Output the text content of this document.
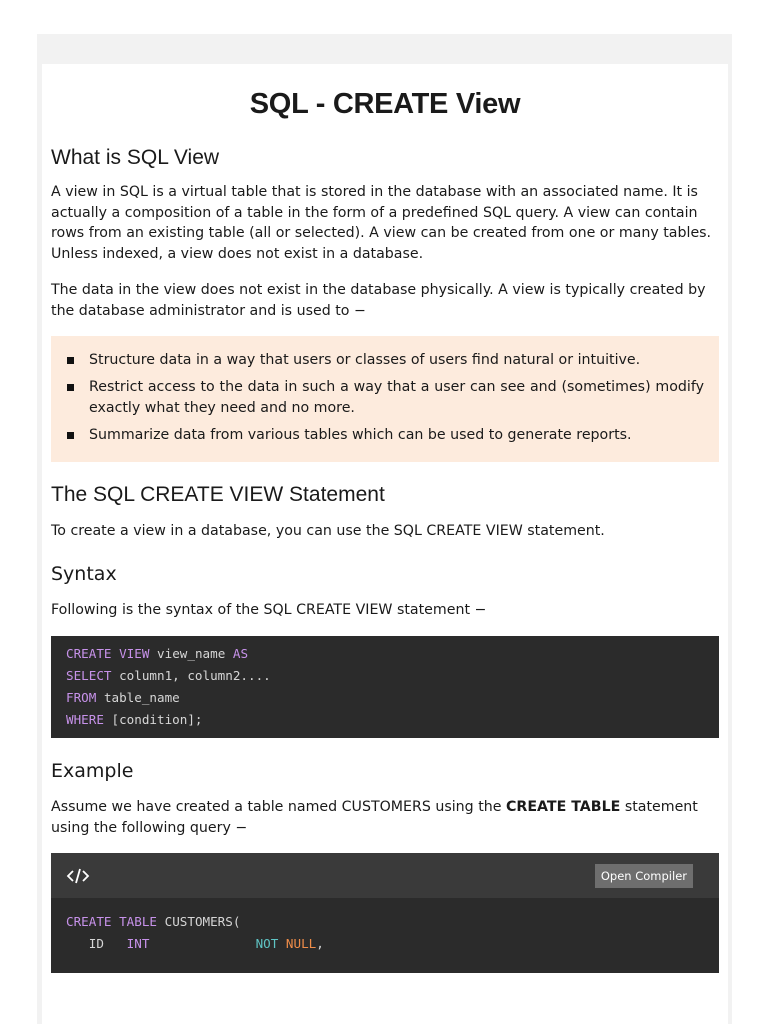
SQL - CREATE View
What is SQL View

A view in SQL is a virtual table that is stored in the database with an associated name. It is actually a composition of a table in the form of a predefined SQL query. A view can contain rows from an existing table (all or selected). A view can be created from one or many tables. Unless indexed, a view does not exist in a database.

The data in the view does not exist in the database physically. A view is typically created by the database administrator and is used to −

Structure data in a way that users or classes of users find natural or intuitive.
Restrict access to the data in such a way that a user can see and (sometimes) modify exactly what they need and no more.
Summarize data from various tables which can be used to generate reports.
The SQL CREATE VIEW Statement

To create a view in a database, you can use the SQL CREATE VIEW statement.

Syntax

Following is the syntax of the SQL CREATE VIEW statement −

CREATE VIEW view_name AS
SELECT column1, column2....
FROM table_name
WHERE [condition];
Example

Assume we have created a table named CUSTOMERS using the CREATE TABLE statement using the following query −

Open Compiler
CREATE TABLE CUSTOMERS(
ID INT	NOT NULL,
